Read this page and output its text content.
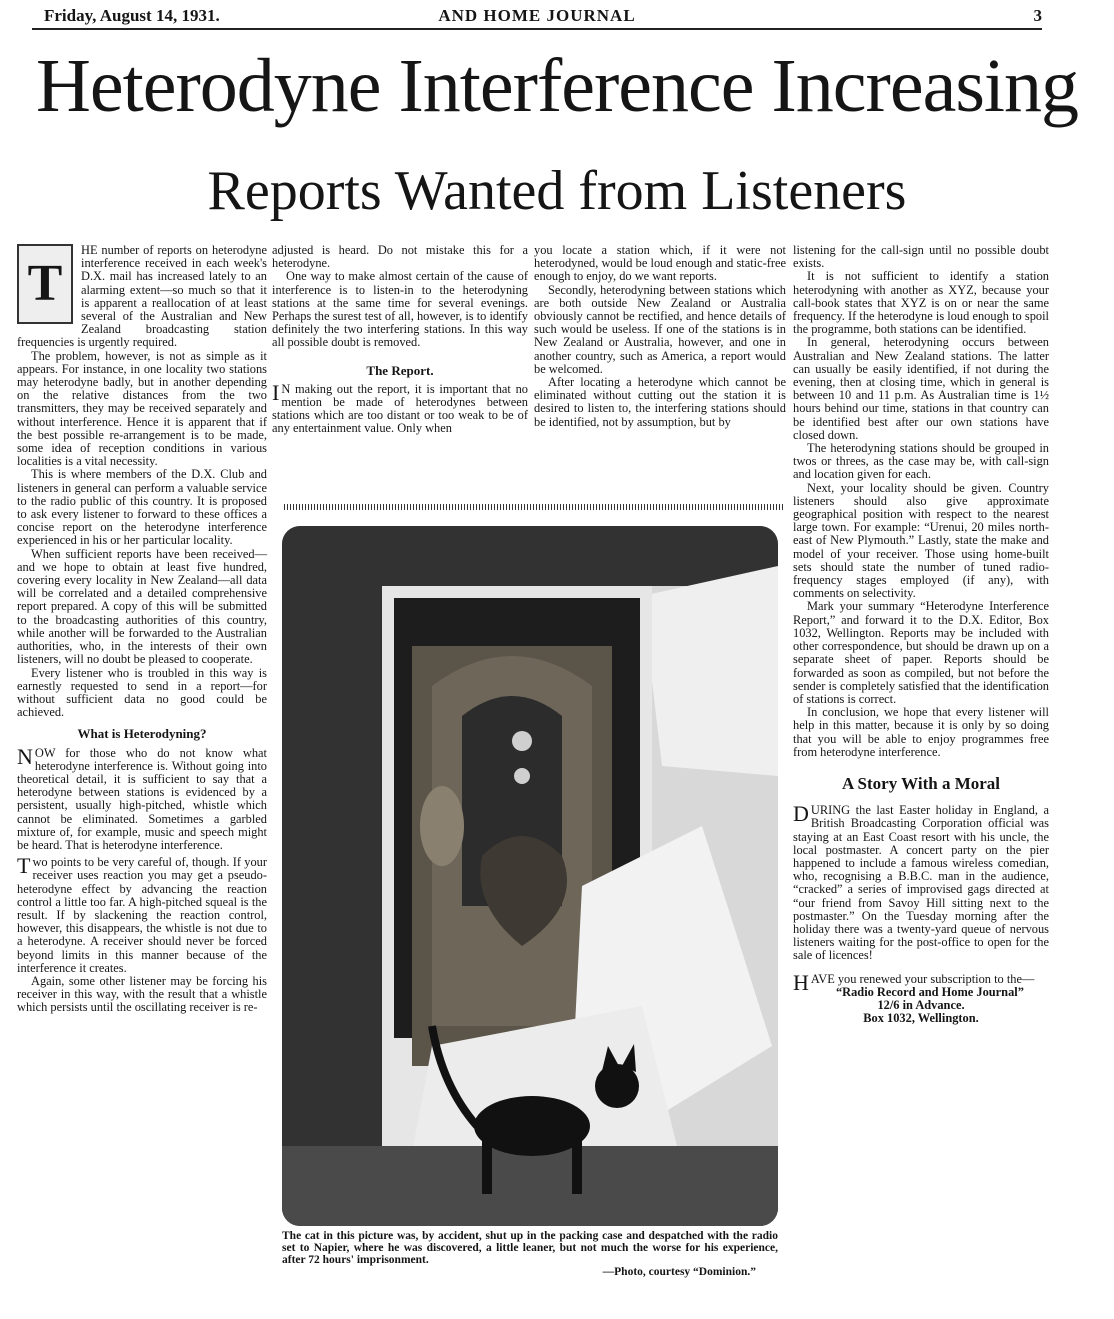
Friday, August 14, 1931.	AND HOME JOURNAL	3
Heterodyne Interference Increasing
Reports Wanted from Listeners
T

HE number of reports on heterodyne interference received in each week's D.X. mail has increased lately to an alarming extent—so much so that it is apparent a reallocation of at least several of the Australian and New Zealand broadcasting station frequencies is urgently required.

The problem, however, is not as simple as it appears. For instance, in one locality two stations may heterodyne badly, but in another depending on the relative distances from the two transmitters, they may be received separately and without interference. Hence it is apparent that if the best possible re-arrangement is to be made, some idea of reception conditions in various localities is a vital necessity.

This is where members of the D.X. Club and listeners in general can perform a valuable service to the radio public of this country. It is proposed to ask every listener to forward to these offices a concise report on the heterodyne interference experienced in his or her particular locality.

When sufficient reports have been received—and we hope to obtain at least five hundred, covering every locality in New Zealand—all data will be correlated and a detailed comprehensive report prepared. A copy of this will be submitted to the broadcasting authorities of this country, while another will be forwarded to the Australian authorities, who, in the interests of their own listeners, will no doubt be pleased to cooperate.

Every listener who is troubled in this way is earnestly requested to send in a report—for without sufficient data no good could be achieved.

What is Heterodyning?

NOW for those who do not know what heterodyne interference is. Without going into theoretical detail, it is sufficient to say that a heterodyne between stations is evidenced by a persistent, usually high-pitched, whistle which cannot be eliminated. Sometimes a garbled mixture of, for example, music and speech might be heard. That is heterodyne interference.

Two points to be very careful of, though. If your receiver uses reaction you may get a pseudo-heterodyne effect by advancing the reaction control a little too far. A high-pitched squeal is the result. If by slackening the reaction control, however, this disappears, the whistle is not due to a heterodyne. A receiver should never be forced beyond limits in this manner because of the interference it creates.

Again, some other listener may be forcing his receiver in this way, with the result that a whistle which persists until the oscillating receiver is re-

adjusted is heard. Do not mistake this for a heterodyne.

One way to make almost certain of the cause of interference is to listen-in to the heterodyning stations at the same time for several evenings. Perhaps the surest test of all, however, is to identify definitely the two interfering stations. In this way all possible doubt is removed.

The Report.

I N making out the report, it is important that no mention be made of heterodynes between stations which are too distant or too weak to be of any entertainment value. Only when

you locate a station which, if it were not heterodyned, would be loud enough and static-free enough to enjoy, do we want reports.

Secondly, heterodyning between stations which are both outside New Zealand or Australia obviously cannot be rectified, and hence details of such would be useless. If one of the stations is in New Zealand or Australia, however, and one in another country, such as America, a report would be welcomed.

After locating a heterodyne which cannot be eliminated without cutting out the station it is desired to listen to, the interfering stations should be identified, not by assumption, but by

The cat in this picture was, by accident, shut up in the packing case and despatched with the radio set to Napier, where he was discovered, a little leaner, but not much the worse for his experience, after 72 hours' imprisonment.
—Photo, courtesy “Dominion.”

listening for the call-sign until no possible doubt exists.

It is not sufficient to identify a station heterodyning with another as XYZ, because your call-book states that XYZ is on or near the same frequency. If the heterodyne is loud enough to spoil the programme, both stations can be identified.

In general, heterodyning occurs between Australian and New Zealand stations. The latter can usually be easily identified, if not during the evening, then at closing time, which in general is between 10 and 11 p.m. As Australian time is 1½ hours behind our time, stations in that country can be identified best after our own stations have closed down.

The heterodyning stations should be grouped in twos or threes, as the case may be, with call-sign and location given for each.

Next, your locality should be given. Country listeners should also give approximate geographical position with respect to the nearest large town. For example: “Urenui, 20 miles north-east of New Plymouth.” Lastly, state the make and model of your receiver. Those using home-built sets should state the number of tuned radio-frequency stages employed (if any), with comments on selectivity.

Mark your summary “Heterodyne Interference Report,” and forward it to the D.X. Editor, Box 1032, Wellington. Reports may be included with other correspondence, but should be drawn up on a separate sheet of paper. Reports should be forwarded as soon as compiled, but not before the sender is completely satisfied that the identification of stations is correct.

In conclusion, we hope that every listener will help in this matter, because it is only by so doing that you will be able to enjoy programmes free from heterodyne interference.

A Story With a Moral

DURING the last Easter holiday in England, a British Broadcasting Corporation official was staying at an East Coast resort with his uncle, the local postmaster. A concert party on the pier happened to include a famous wireless comedian, who, recognising a B.B.C. man in the audience, “cracked” a series of improvised gags directed at “our friend from Savoy Hill sitting next to the postmaster.” On the Tuesday morning after the holiday there was a twenty-yard queue of nervous listeners waiting for the post-office to open for the sale of licences!

HAVE you renewed your subscription to the—

“Radio Record and Home Journal”

12/6 in Advance.

Box 1032, Wellington.
